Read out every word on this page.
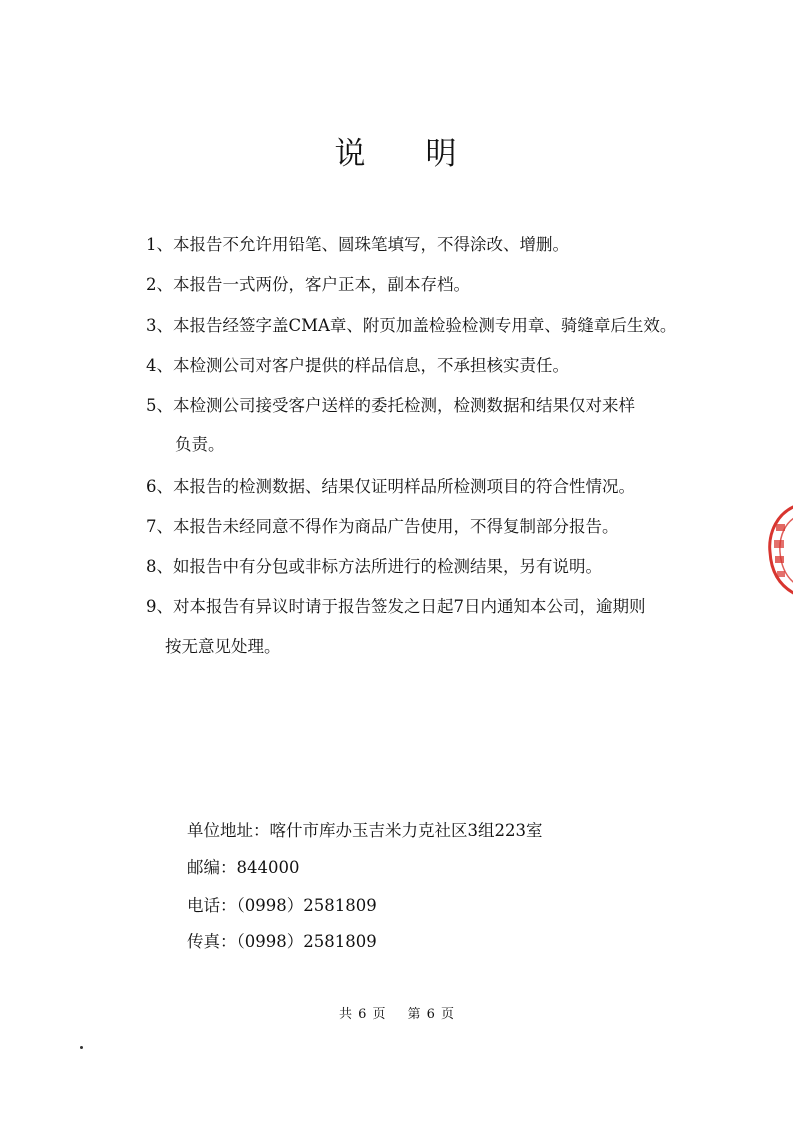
说 明
1、本报告不允许用铅笔、圆珠笔填写，不得涂改、增删。
2、本报告一式两份，客户正本，副本存档。
3、本报告经签字盖CMA章、附页加盖检验检测专用章、骑缝章后生效。
4、本检测公司对客户提供的样品信息，不承担核实责任。
5、本检测公司接受客户送样的委托检测，检测数据和结果仅对来样
负责。
6、本报告的检测数据、结果仅证明样品所检测项目的符合性情况。
7、本报告未经同意不得作为商品广告使用，不得复制部分报告。
8、如报告中有分包或非标方法所进行的检测结果，另有说明。
9、对本报告有异议时请于报告签发之日起7日内通知本公司，逾期则
按无意见处理。
单位地址：喀什市库办玉吉米力克社区3组223室
邮编：844000
电话：（0998）2581809
传真：（0998）2581809
共 6 页 第 6 页
